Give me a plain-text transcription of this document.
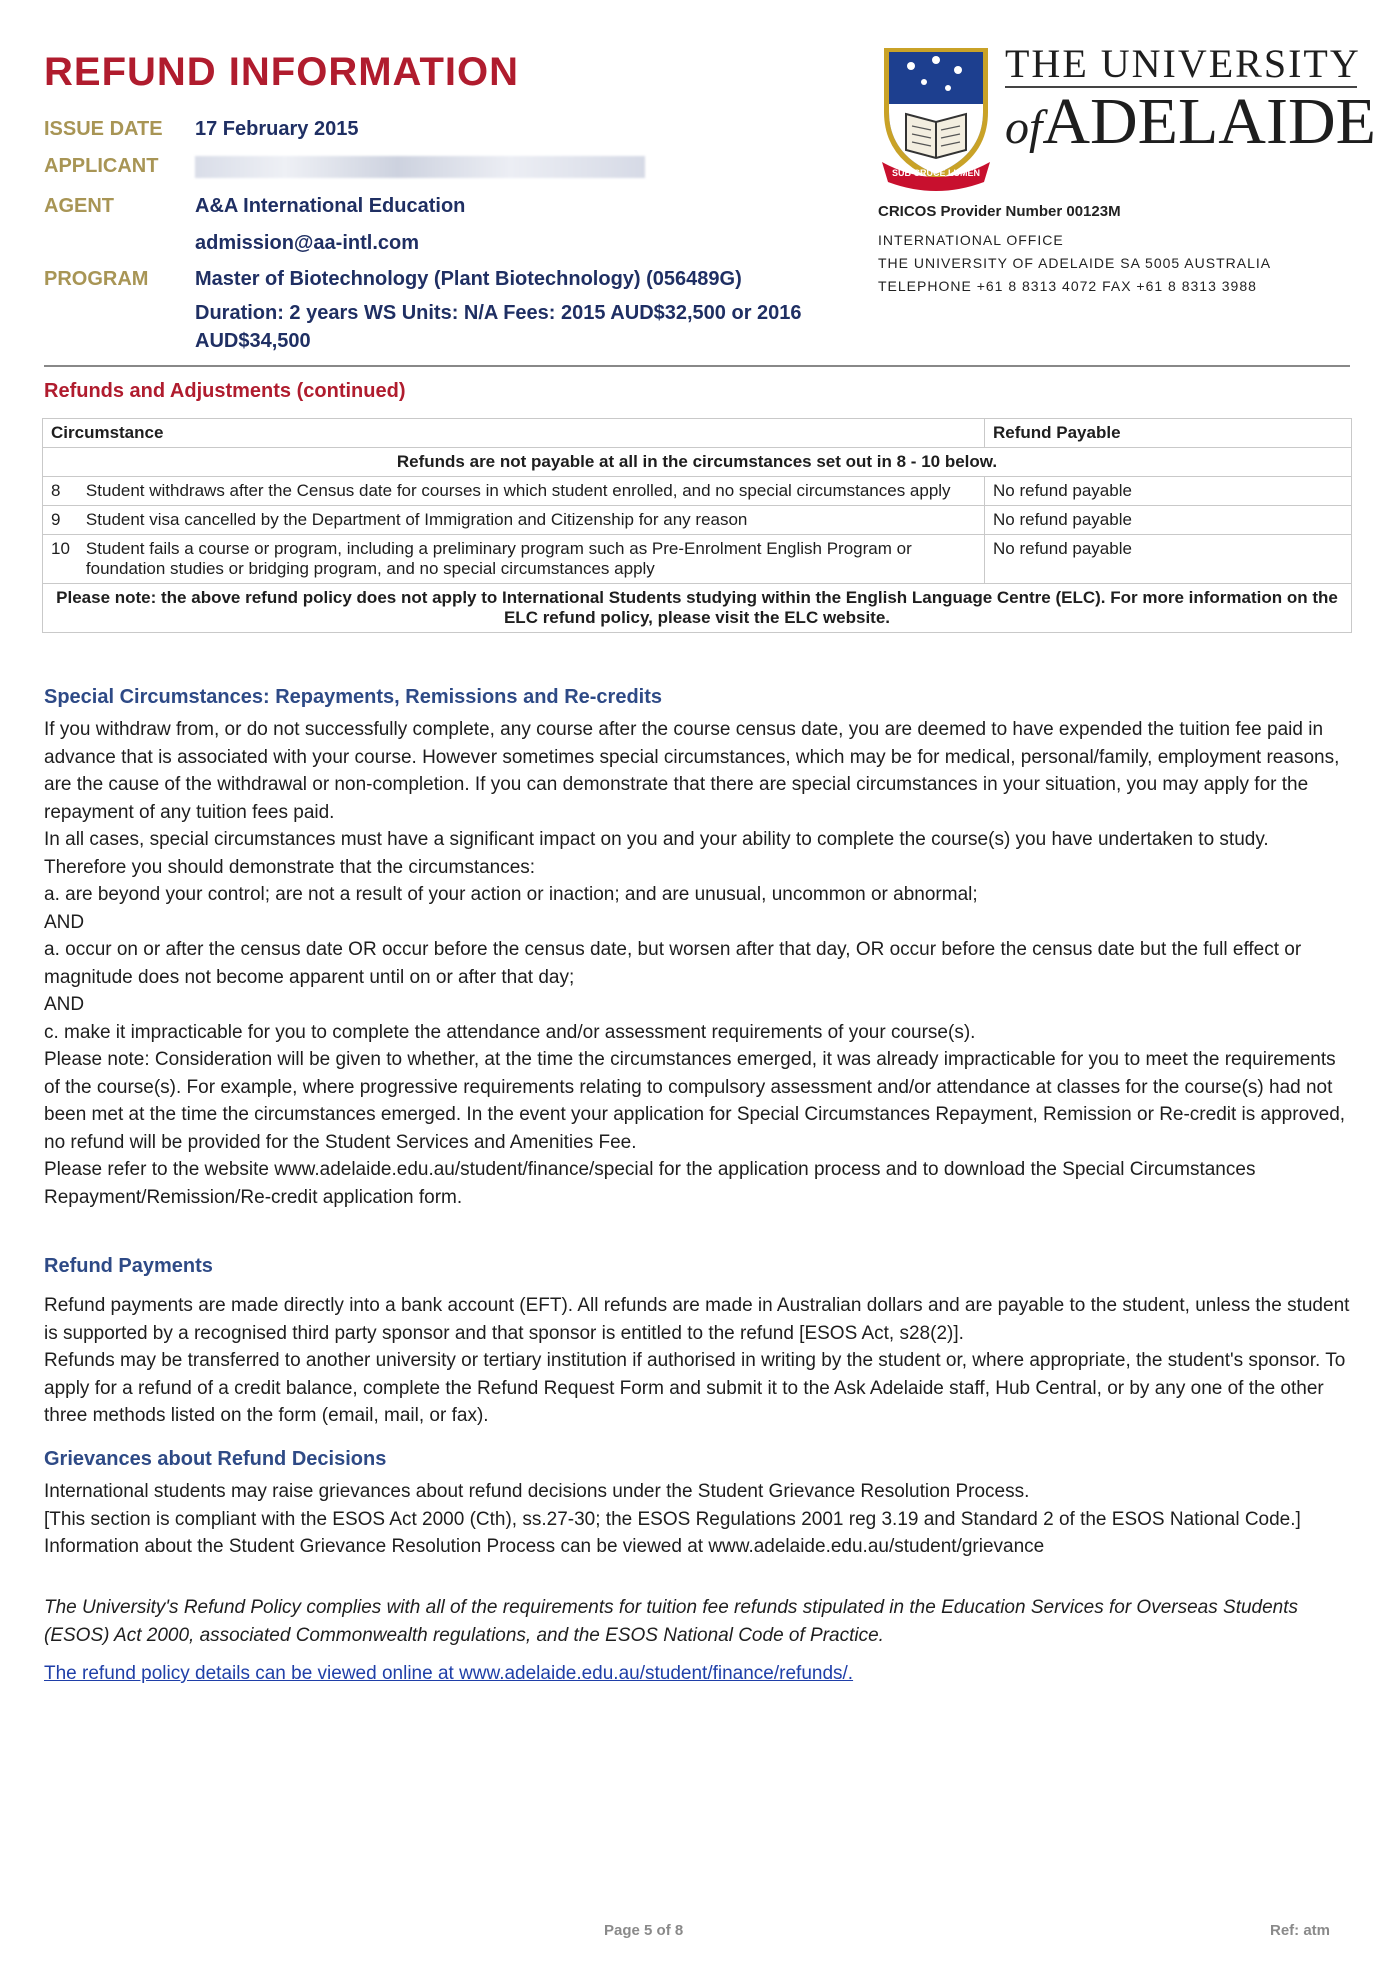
REFUND INFORMATION
ISSUE DATE 17 February 2015
APPLICANT
AGENT	A&A International Education
admission@aa-intl.com
PROGRAM Master of Biotechnology (Plant Biotechnology) (056489G)
Duration: 2 years WS Units: N/A Fees: 2015 AUD$32,500 or 2016
AUD$34,500
SUB CRUCE LUMEN
THE UNIVERSITY
ofADELAIDE
CRICOS Provider Number 00123M
INTERNATIONAL OFFICE
THE UNIVERSITY OF ADELAIDE SA 5005 AUSTRALIA
TELEPHONE +61 8 8313 4072 FAX +61 8 8313 3988
Refunds and Adjustments (continued)
Circumstance		Refund Payable
Refunds are not payable at all in the circumstances set out in 8 - 10 below.		
8	Student withdraws after the Census date for courses in which student enrolled, and no special circumstances apply	No refund payable
9	Student visa cancelled by the Department of Immigration and Citizenship for any reason	No refund payable
10	Student fails a course or program, including a preliminary program such as Pre-Enrolment English Program or foundation studies or bridging program, and no special circumstances apply	No refund payable
Please note: the above refund policy does not apply to International Students studying within the English Language Centre (ELC). For more information on the ELC refund policy, please visit the ELC website.		
Special Circumstances: Repayments, Remissions and Re-credits

If you withdraw from, or do not successfully complete, any course after the course census date, you are deemed to have expended the tuition fee paid in advance that is associated with your course. However sometimes special circumstances, which may be for medical, personal/family, employment reasons, are the cause of the withdrawal or non-completion. If you can demonstrate that there are special circumstances in your situation, you may apply for the repayment of any tuition fees paid.

In all cases, special circumstances must have a significant impact on you and your ability to complete the course(s) you have undertaken to study.

Therefore you should demonstrate that the circumstances:

a. are beyond your control; are not a result of your action or inaction; and are unusual, uncommon or abnormal;

AND

a. occur on or after the census date OR occur before the census date, but worsen after that day, OR occur before the census date but the full effect or magnitude does not become apparent until on or after that day;

AND

c. make it impracticable for you to complete the attendance and/or assessment requirements of your course(s).

Please note: Consideration will be given to whether, at the time the circumstances emerged, it was already impracticable for you to meet the requirements of the course(s). For example, where progressive requirements relating to compulsory assessment and/or attendance at classes for the course(s) had not been met at the time the circumstances emerged. In the event your application for Special Circumstances Repayment, Remission or Re-credit is approved, no refund will be provided for the Student Services and Amenities Fee.

Please refer to the website www.adelaide.edu.au/student/finance/special for the application process and to download the Special Circumstances Repayment/Remission/Re-credit application form.

Refund Payments

Refund payments are made directly into a bank account (EFT). All refunds are made in Australian dollars and are payable to the student, unless the student is supported by a recognised third party sponsor and that sponsor is entitled to the refund [ESOS Act, s28(2)].

Refunds may be transferred to another university or tertiary institution if authorised in writing by the student or, where appropriate, the student's sponsor. To apply for a refund of a credit balance, complete the Refund Request Form and submit it to the Ask Adelaide staff, Hub Central, or by any one of the other three methods listed on the form (email, mail, or fax).

Grievances about Refund Decisions

International students may raise grievances about refund decisions under the Student Grievance Resolution Process.

[This section is compliant with the ESOS Act 2000 (Cth), ss.27-30; the ESOS Regulations 2001 reg 3.19 and Standard 2 of the ESOS National Code.]

Information about the Student Grievance Resolution Process can be viewed at www.adelaide.edu.au/student/grievance

The University's Refund Policy complies with all of the requirements for tuition fee refunds stipulated in the Education Services for Overseas Students (ESOS) Act 2000, associated Commonwealth regulations, and the ESOS National Code of Practice.
The refund policy details can be viewed online at www.adelaide.edu.au/student/finance/refunds/.
Page 5 of 8	Ref: atm
